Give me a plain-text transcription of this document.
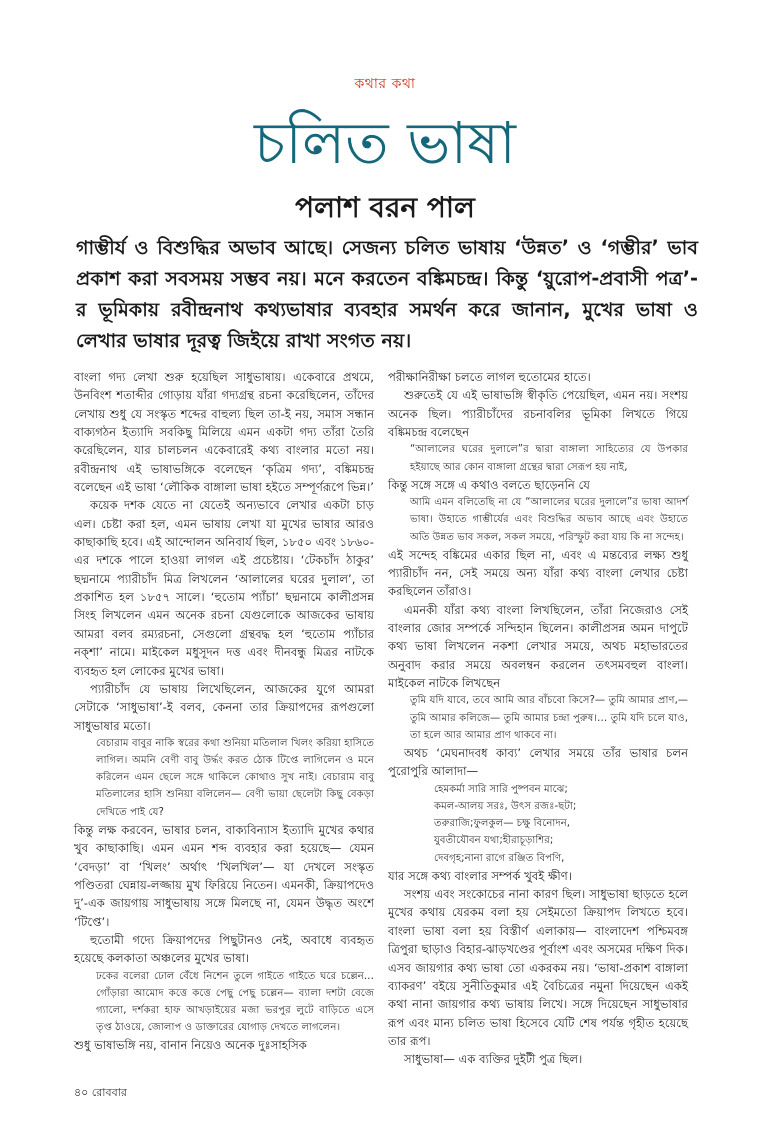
কথার কথা
চলিত ভাষা
পলাশ বরন পাল
গাম্ভীর্য ও বিশুদ্ধির অভাব আছে। সেজন্য চলিত ভাষায় ‘উন্নত’ ও ‘গম্ভীর’ ভাব প্রকাশ করা সবসময় সম্ভব নয়। মনে করতেন বঙ্কিমচন্দ্র। কিন্তু ‘য়ুরোপ-প্রবাসী পত্র’-র ভূমিকায় রবীন্দ্রনাথ কথ্যভাষার ব্যবহার সমর্থন করে জানান, মুখের ভাষা ও লেখার ভাষার দূরত্ব জিইয়ে রাখা সংগত নয়।

বাংলা গদ্য লেখা শুরু হয়েছিল সাধুভাষায়। একেবারে প্রথমে, উনবিংশ শতাব্দীর গোড়ায় যাঁরা গদ্যগ্রন্থ রচনা করেছিলেন, তাঁদের লেখায় শুধু যে সংস্কৃত শব্দের বাহুল্য ছিল তা-ই নয়, সমাস সন্ধান বাক্যগঠন ইত্যাদি সবকিছু মিলিয়ে এমন একটা গদ্য তাঁরা তৈরি করেছিলেন, যার চালচলন একেবারেই কথ্য বাংলার মতো নয়। রবীন্দ্রনাথ এই ভাষাভঙ্গিকে বলেছেন ‘কৃত্রিম গদ্য’, বঙ্কিমচন্দ্র বলেছেন এই ভাষা ‘লৌকিক বাঙ্গালা ভাষা হইতে সম্পূর্ণরূপে ভিন্ন।’

কয়েক দশক যেতে না যেতেই অন্যভাবে লেখার একটা চাড় এল। চেষ্টা করা হল, এমন ভাষায় লেখা যা মুখের ভাষার আরও কাছাকাছি হবে। এই আন্দোলন অনিবার্য ছিল, ১৮৫০ এবং ১৮৬০-এর দশকে পালে হাওয়া লাগল এই প্রচেষ্টায়। ‘টেকচাঁদ ঠাকুর’ ছদ্মনামে প্যারীচাঁদ মিত্র লিখলেন ‘আলালের ঘরের দুলাল’, তা প্রকাশিত হল ১৮৫৭ সালে। ‘হুতোম প্যাঁচা’ ছদ্মনামে কালীপ্রসন্ন সিংহ লিখলেন এমন অনেক রচনা যেগুলোকে আজকের ভাষায় আমরা বলব রম্যরচনা, সেগুলো গ্রন্থবদ্ধ হল ‘হুতোম প্যাঁচার নক্শা’ নামে। মাইকেল মধুসূদন দত্ত এবং দীনবন্ধু মিত্রর নাটকে ব্যবহৃত হল লোকের মুখের ভাষা।

প্যারীচাঁদ যে ভাষায় লিখেছিলেন, আজকের যুগে আমরা সেটাকে ‘সাধুভাষা’-ই বলব, কেননা তার ক্রিয়াপদের রূপগুলো সাধুভাষার মতো।

বেচারাম বাবুর নাকি স্বরের কথা শুনিয়া মতিলাল খিলং করিয়া হাসিতে লাগিল। অমনি বেণী বাবু উর্দ্ধং করত ঠোক টিপ্তে লাগিলেন ও মনে করিলেন এমন ছেলে সঙ্গে থাকিলে কোথাও সুখ নাই। বেচারাম বাবু মতিলালের হাসি শুনিয়া বলিলেন— বেণী ভায়া ছেলেটা কিছু বেকড়া দেখিতে পাই যে?

কিন্তু লক্ষ করবেন, ভাষার চলন, বাক্যবিন্যাস ইত্যাদি মুখের কথার খুব কাছাকাছি। এমন এমন শব্দ ব্যবহার করা হয়েছে— যেমন ‘বেদড়া’ বা ‘খিলং’ অর্থাৎ ‘খিলখিল’— যা দেখলে সংস্কৃত পণ্ডিতরা ঘেন্নায়-লজ্জায় মুখ ফিরিয়ে নিতেন। এমনকী, ক্রিয়াপদেও দু’-এক জায়গায় সাধুভাষায় সঙ্গে মিলছে না, যেমন উদ্ধৃত অংশে ‘টিপ্তে’।

হুতোমী গদ্যে ক্রিয়াপদের পিছুটানও নেই, অবাধে ব্যবহৃত হয়েছে কলকাতা অঞ্চলের মুখের ভাষা।

ঢকের বলেরা ঢোল বেঁধে নিশেন তুলে গাইতে গাইতে ঘরে চল্লেন… গোঁড়ারা আমোদ কত্তে কত্তে পেছু পেছু চল্লেন— ব্যালা দশটা বেজে গ্যালো, দর্শকরা হাফ আখড়াইয়ের মজা ভরপুর লুটে বাড়িতে এসে তৃপ্ত ঠাওয়ে, জোলাপ ও ডাক্তারের যোগাড় দেখতে লাগলেন।

শুধু ভাষাভঙ্গি নয়, বানান নিয়েও অনেক দুঃসাহসিক

পরীক্ষানিরীক্ষা চলতে লাগল হুতোমের হাতে।

শুরুতেই যে এই ভাষাভঙ্গি স্বীকৃতি পেয়েছিল, এমন নয়। সংশয় অনেক ছিল। প্যারীচাঁদের রচনাবলির ভূমিকা লিখতে গিয়ে বঙ্কিমচন্দ্র বলেছেন

“আলালের ঘরের দুলালে”র দ্বারা বাঙ্গালা সাহিত্যের যে উপকার হইয়াছে আর কোন বাঙ্গালা গ্রন্থের দ্বারা সেরূপ হয় নাই,

কিন্তু সঙ্গে সঙ্গে এ কথাও বলতে ছাড়েননি যে

আমি এমন বলিতেছি না যে “আলালের ঘরের দুলালে”র ভাষা আদর্শ ভাষা। উহাতে গাম্ভীর্যের এবং বিশুদ্ধির অভাব আছে এবং উহাতে অতি উন্নত ভাব সকল, সকল সময়ে, পরিস্ফুট করা যায় কি না সন্দেহ।

এই সন্দেহ বঙ্কিমের একার ছিল না, এবং এ মন্তব্যের লক্ষ্য শুধু প্যারীচাঁদ নন, সেই সময়ে অন্য যাঁরা কথ্য বাংলা লেখার চেষ্টা করছিলেন তাঁরাও।

এমনকী যাঁরা কথ্য বাংলা লিখছিলেন, তাঁরা নিজেরাও সেই বাংলার জোর সম্পর্কে সন্দিহান ছিলেন। কালীপ্রসন্ন অমন দাপুটে কথ্য ভাষা লিখলেন নকশা লেখার সময়ে, অথচ মহাভারতের অনুবাদ করার সময়ে অবলম্বন করলেন তৎসমবহুল বাংলা। মাইকেল নাটকে লিখছেন

তুমি যদি যাবে, তবে আমি আর বাঁচবো কিসে?— তুমি আমার প্রাণ,— তুমি আমার কলিজে— তুমি আমার চন্দ্রা পুরুষ।… তুমি যদি চলে যাও, তা হলে আর আমার প্রাণ থাকবে না।

অথচ ‘মেঘনাদবধ কাব্য’ লেখার সময়ে তাঁর ভাষার চলন পুরোপুরি আলাদা—

হেমকর্মা সারি সারি পুষ্পবন মাঝে;
কমল-আলয় সরঃ, উৎস রজঃ-ছটা;
তরুরাজি;ফুলকুল— চক্ষু বিনোদন,
যুবতীযৌবন যথা;হীরাচূড়াশির;
দেবগৃহ;নানা রাগে রঞ্জিত বিপণি,

যার সঙ্গে কথ্য বাংলার সম্পর্ক খুবই ক্ষীণ।

সংশয় এবং সংকোচের নানা কারণ ছিল। সাধুভাষা ছাড়তে হলে মুখের কথায় যেরকম বলা হয় সেইমতো ক্রিয়াপদ লিখতে হবে। বাংলা ভাষা বলা হয় বিস্তীর্ণ এলাকায়— বাংলাদেশ পশ্চিমবঙ্গ ত্রিপুরা ছাড়াও বিহার-ঝাড়খণ্ডের পূর্বাংশ এবং অসমের দক্ষিণ দিক। এসব জায়গার কথ্য ভাষা তো একরকম নয়। ‘ভাষা-প্রকাশ বাঙ্গালা ব্যাকরণ’ বইয়ে সুনীতিকুমার এই বৈচিত্রের নমুনা দিয়েছেন একই কথা নানা জায়গার কথ্য ভাষায় লিখে। সঙ্গে দিয়েছেন সাধুভাষার রূপ এবং মান্য চলিত ভাষা হিসেবে যেটি শেষ পর্যন্ত গৃহীত হয়েছে তার রূপ।

সাধুভাষা— এক ব্যক্তির দুইটী পুত্র ছিল।

৪০ রোববার
